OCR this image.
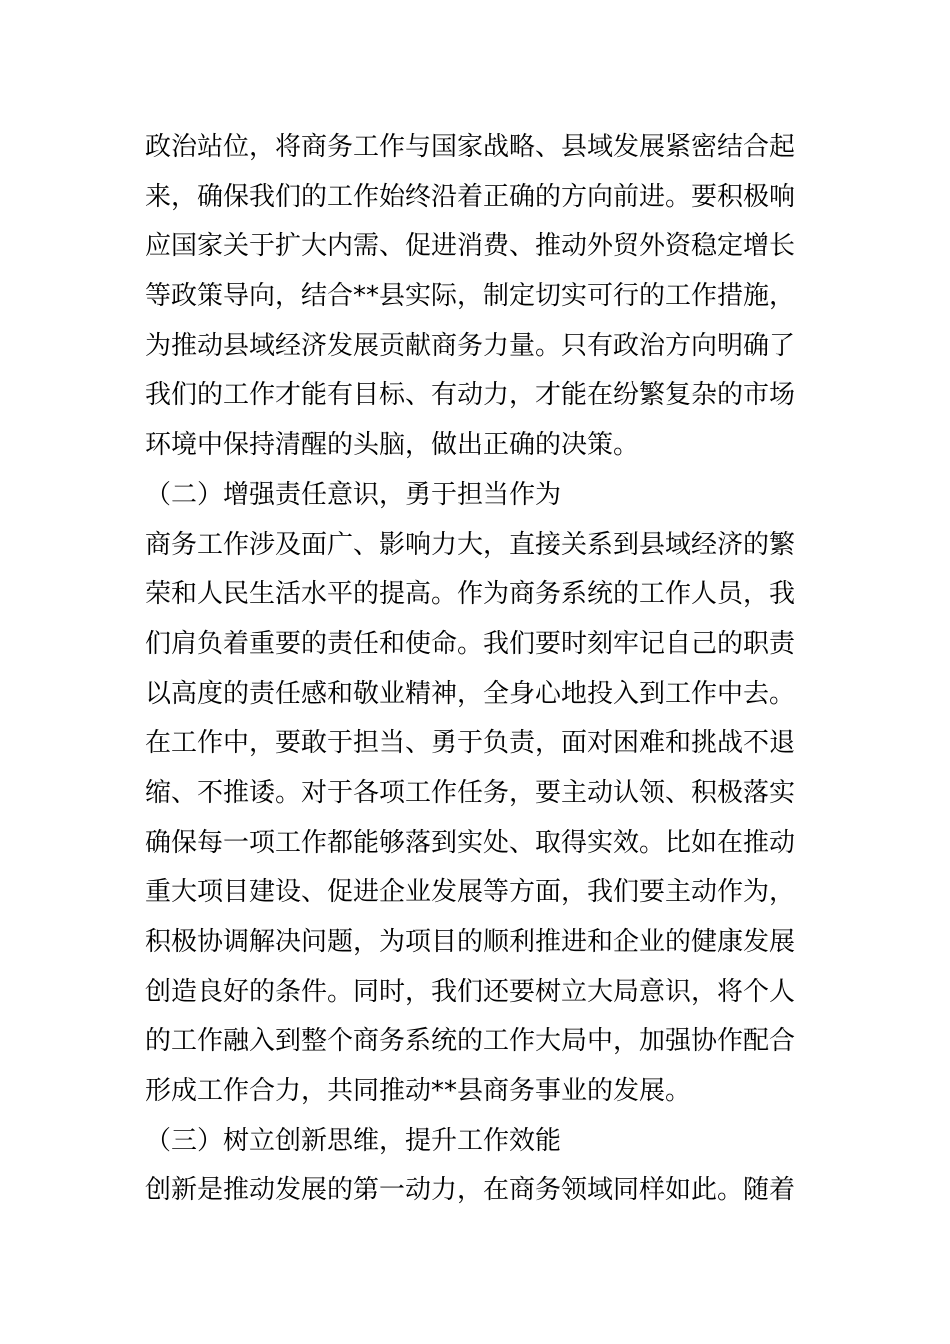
政治站位，将商务工作与国家战略、县域发展紧密结合起
来，确保我们的工作始终沿着正确的方向前进。要积极响
应国家关于扩大内需、促进消费、推动外贸外资稳定增长
等政策导向，结合**县实际，制定切实可行的工作措施，
为推动县域经济发展贡献商务力量。只有政治方向明确了
我们的工作才能有目标、有动力，才能在纷繁复杂的市场
环境中保持清醒的头脑，做出正确的决策。
（二）增强责任意识，勇于担当作为
商务工作涉及面广、影响力大，直接关系到县域经济的繁
荣和人民生活水平的提高。作为商务系统的工作人员，我
们肩负着重要的责任和使命。我们要时刻牢记自己的职责
以高度的责任感和敬业精神，全身心地投入到工作中去。
在工作中，要敢于担当、勇于负责，面对困难和挑战不退
缩、不推诿。对于各项工作任务，要主动认领、积极落实
确保每一项工作都能够落到实处、取得实效。比如在推动
重大项目建设、促进企业发展等方面，我们要主动作为，
积极协调解决问题，为项目的顺利推进和企业的健康发展
创造良好的条件。同时，我们还要树立大局意识，将个人
的工作融入到整个商务系统的工作大局中，加强协作配合
形成工作合力，共同推动**县商务事业的发展。
（三）树立创新思维，提升工作效能
创新是推动发展的第一动力，在商务领域同样如此。随着
